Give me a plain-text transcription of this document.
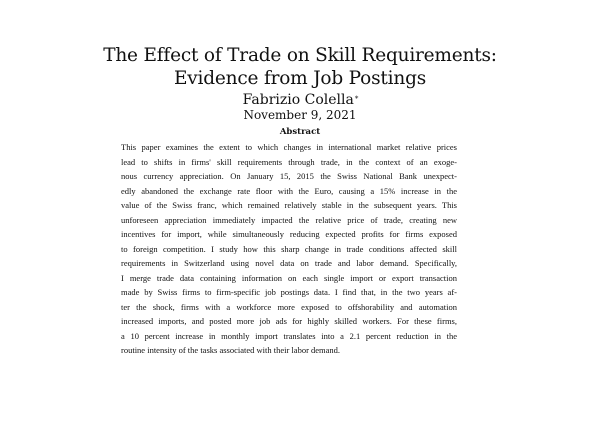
The Effect of Trade on Skill Requirements:
Evidence from Job Postings
Fabrizio Colella*
November 9, 2021
Abstract
This paper examines the extent to which changes in international market relative prices
lead to shifts in firms' skill requirements through trade, in the context of an exoge-
nous currency appreciation. On January 15, 2015 the Swiss National Bank unexpect-
edly abandoned the exchange rate floor with the Euro, causing a 15% increase in the
value of the Swiss franc, which remained relatively stable in the subsequent years. This
unforeseen appreciation immediately impacted the relative price of trade, creating new
incentives for import, while simultaneously reducing expected profits for firms exposed
to foreign competition. I study how this sharp change in trade conditions affected skill
requirements in Switzerland using novel data on trade and labor demand. Specifically,
I merge trade data containing information on each single import or export transaction
made by Swiss firms to firm-specific job postings data. I find that, in the two years af-
ter the shock, firms with a workforce more exposed to offshorability and automation
increased imports, and posted more job ads for highly skilled workers. For these firms,
a 10 percent increase in monthly import translates into a 2.1 percent reduction in the
routine intensity of the tasks associated with their labor demand.
